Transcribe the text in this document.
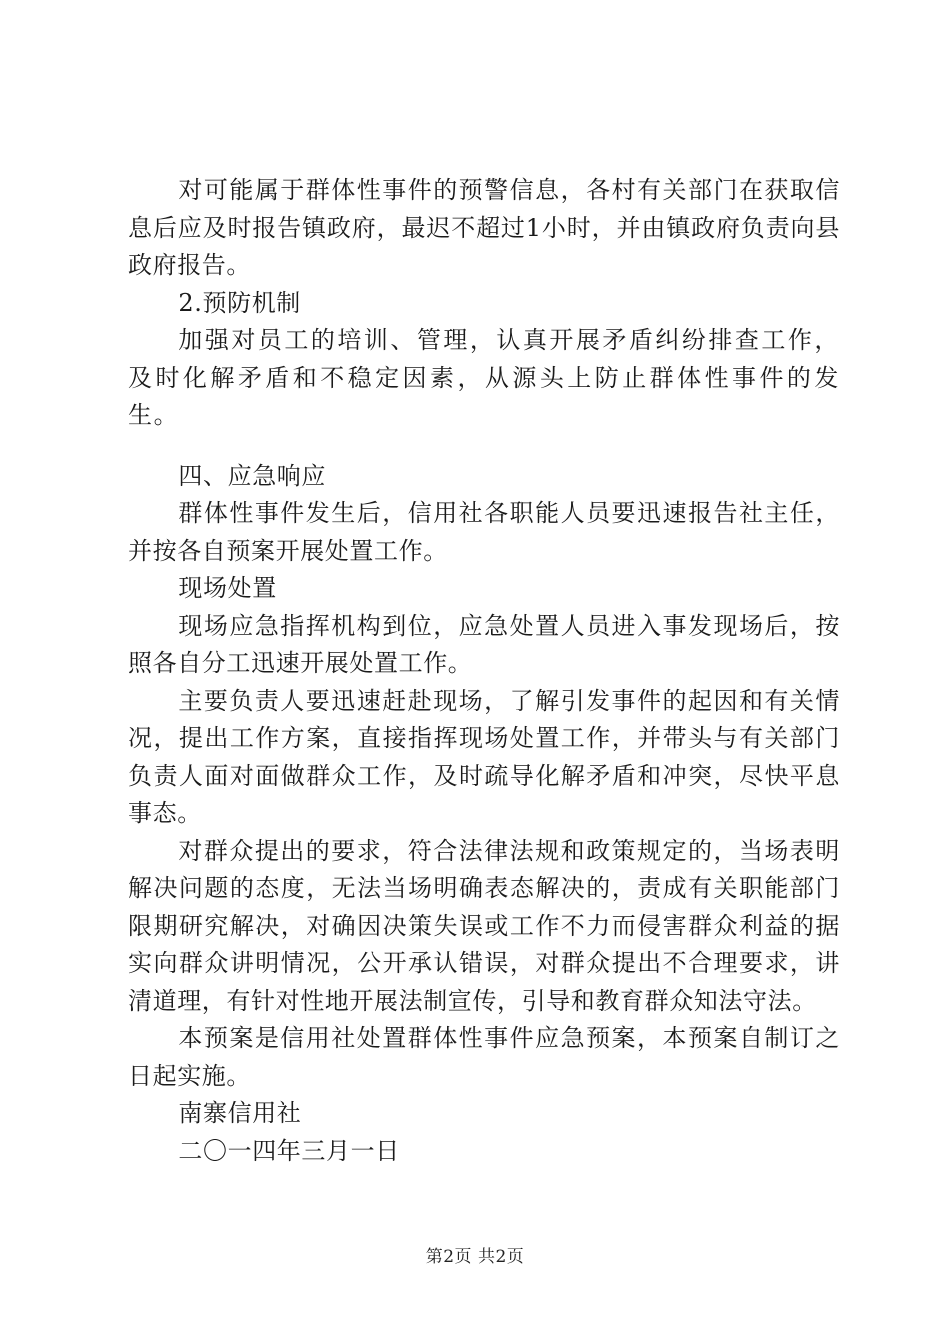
对可能属于群体性事件的预警信息，各村有关部门在获取信息后应及时报告镇政府，最迟不超过1小时，并由镇政府负责向县政府报告。

2.预防机制

加强对员工的培训、管理，认真开展矛盾纠纷排查工作，及时化解矛盾和不稳定因素，从源头上防止群体性事件的发生。

四、应急响应

群体性事件发生后，信用社各职能人员要迅速报告社主任，并按各自预案开展处置工作。

现场处置

现场应急指挥机构到位，应急处置人员进入事发现场后，按照各自分工迅速开展处置工作。

主要负责人要迅速赶赴现场，了解引发事件的起因和有关情况，提出工作方案，直接指挥现场处置工作，并带头与有关部门负责人面对面做群众工作，及时疏导化解矛盾和冲突，尽快平息事态。

对群众提出的要求，符合法律法规和政策规定的，当场表明解决问题的态度，无法当场明确表态解决的，责成有关职能部门限期研究解决，对确因决策失误或工作不力而侵害群众利益的据实向群众讲明情况，公开承认错误，对群众提出不合理要求，讲清道理，有针对性地开展法制宣传，引导和教育群众知法守法。

本预案是信用社处置群体性事件应急预案，本预案自制订之日起实施。

南寨信用社

二〇一四年三月一日

第2页 共2页
